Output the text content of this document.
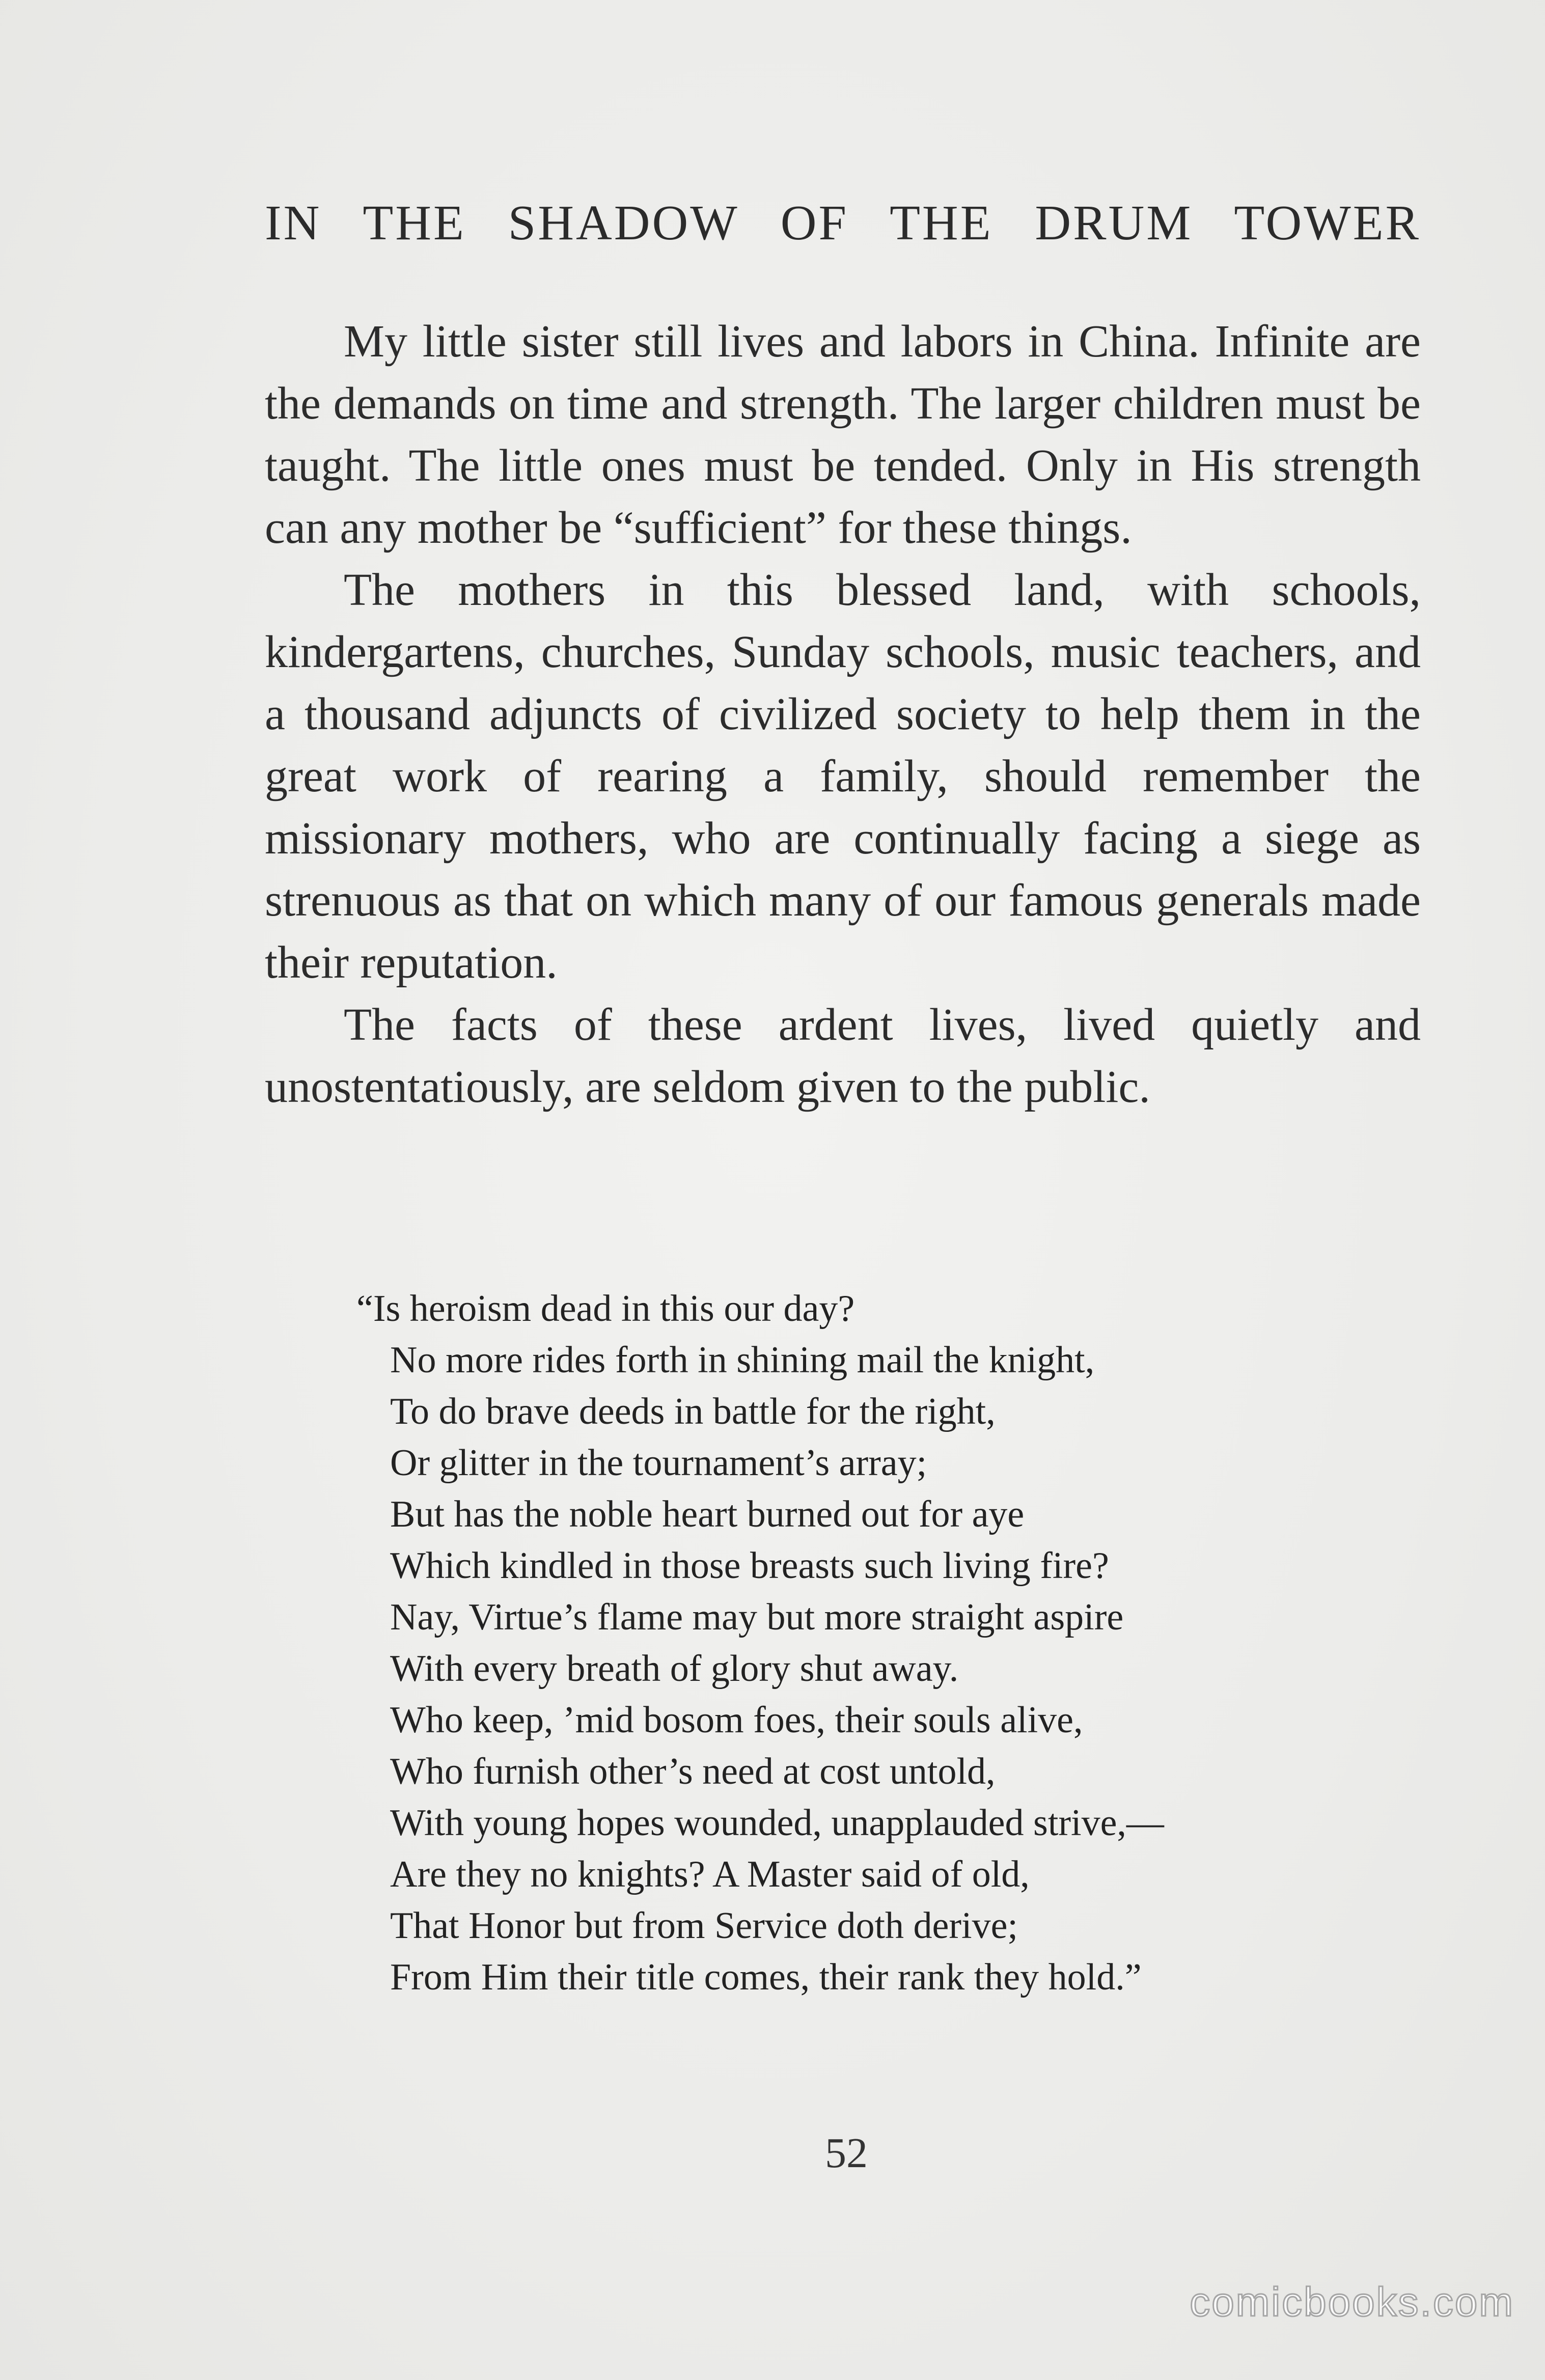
IN THE SHADOW OF THE DRUM TOWER

My little sister still lives and labors in China. Infinite are the demands on time and strength. The larger children must be taught. The little ones must be tended. Only in His strength can any mother be “sufficient” for these things.

The mothers in this blessed land, with schools, kindergartens, churches, Sunday schools, music teachers, and a thousand adjuncts of civilized society to help them in the great work of rearing a family, should remember the missionary mothers, who are continually facing a siege as strenuous as that on which many of our famous generals made their reputation.

The facts of these ardent lives, lived quietly and unostentatiously, are seldom given to the public.

“Is heroism dead in this our day?
No more rides forth in shining mail the knight,
To do brave deeds in battle for the right,
Or glitter in the tournament’s array;
But has the noble heart burned out for aye
Which kindled in those breasts such living fire?
Nay, Virtue’s flame may but more straight aspire
With every breath of glory shut away.
Who keep, ’mid bosom foes, their souls alive,
Who furnish other’s need at cost untold,
With young hopes wounded, unapplauded strive,—
Are they no knights? A Master said of old,
That Honor but from Service doth derive;
From Him their title comes, their rank they hold.”
52
comicbooks.com
